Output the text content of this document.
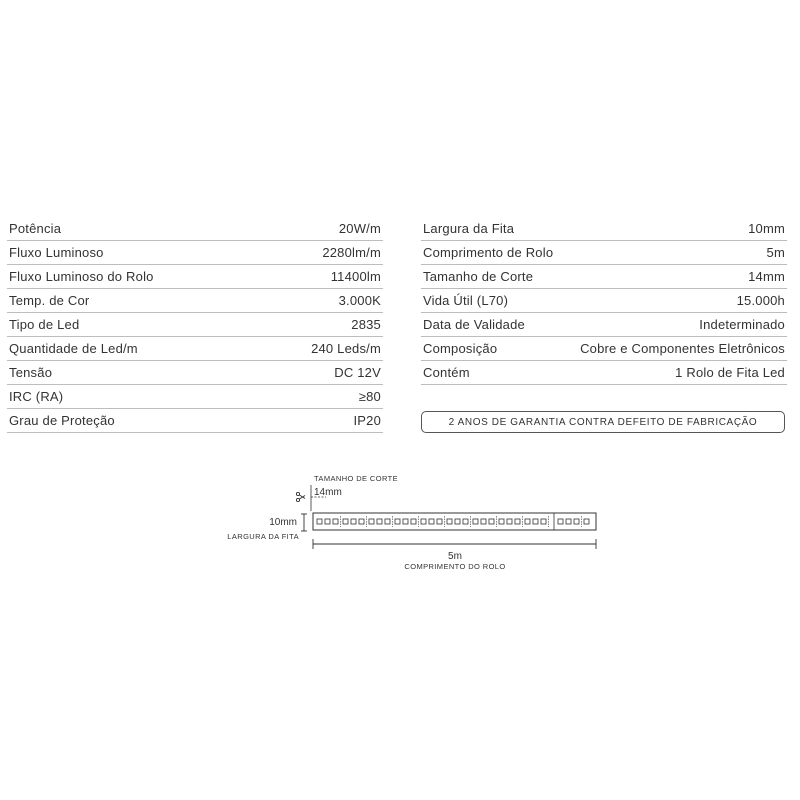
Potência	20W/m
Fluxo Luminoso	2280lm/m
Fluxo Luminoso do Rolo	11400lm
Temp. de Cor	3.000K
Tipo de Led	2835
Quantidade de Led/m	240 Leds/m
Tensão	DC 12V
IRC (RA)	≥80
Grau de Proteção	IP20
Largura da Fita	10mm
Comprimento de Rolo	5m
Tamanho de Corte	14mm
Vida Útil (L70)	15.000h
Data de Validade	Indeterminado
Composição	Cobre e Componentes Eletrônicos
Contém	1 Rolo de Fita Led
2 ANOS DE GARANTIA CONTRA DEFEITO DE FABRICAÇÃO
TAMANHO DE CORTE
14mm
10mm
LARGURA DA FITA
5m
COMPRIMENTO DO ROLO
